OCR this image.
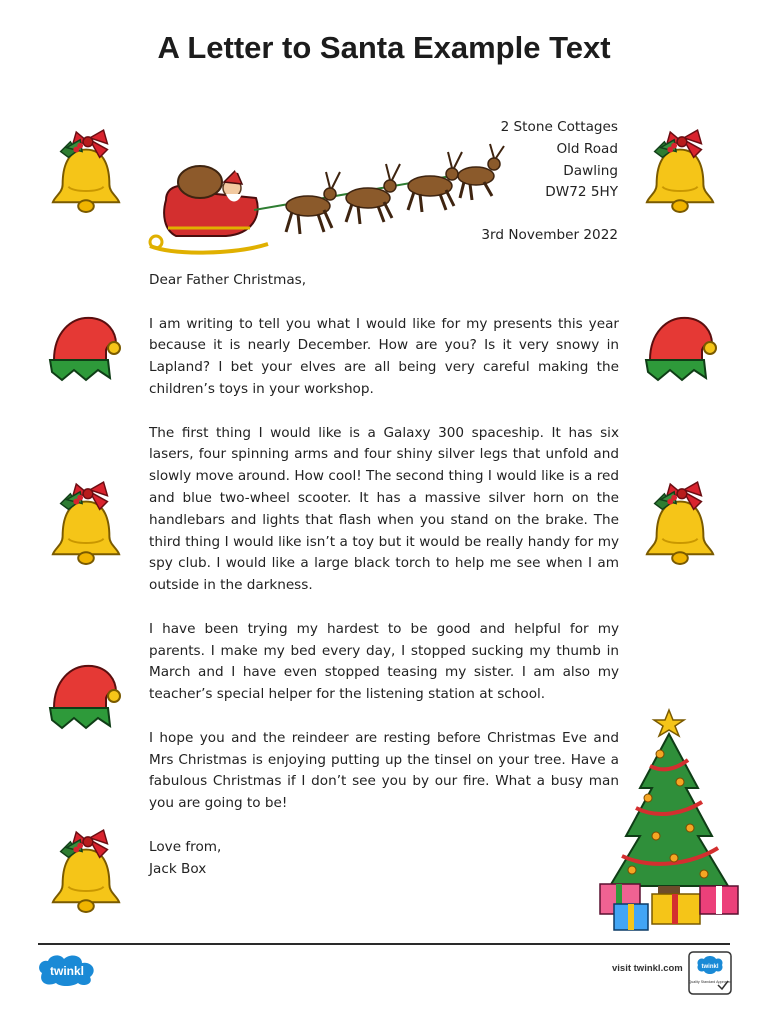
A Letter to Santa Example Text
2 Stone Cottages
Old Road
Dawling
DW72 5HY
3rd November 2022

Dear Father Christmas,

I am writing to tell you what I would like for my presents this year because it is nearly December. How are you? Is it very snowy in Lapland? I bet your elves are all being very careful making the children’s toys in your workshop.

The first thing I would like is a Galaxy 300 spaceship. It has six lasers, four spinning arms and four shiny silver legs that unfold and slowly move around. How cool! The second thing I would like is a red and blue two-wheel scooter. It has a massive silver horn on the handlebars and lights that flash when you stand on the brake. The third thing I would like isn’t a toy but it would be really handy for my spy club. I would like a large black torch to help me see when I am outside in the darkness.

I have been trying my hardest to be good and helpful for my parents. I make my bed every day, I stopped sucking my thumb in March and I have even stopped teasing my sister. I am also my teacher’s special helper for the listening station at school.

I hope you and the reindeer are resting before Christmas Eve and Mrs Christmas is enjoying putting up the tinsel on your tree. Have a fabulous Christmas if I don’t see you by our fire. What a busy man you are going to be!

Love from,
Jack Box

twinkl	visit twinkl.com	twinkl
Quality Standard Approved
